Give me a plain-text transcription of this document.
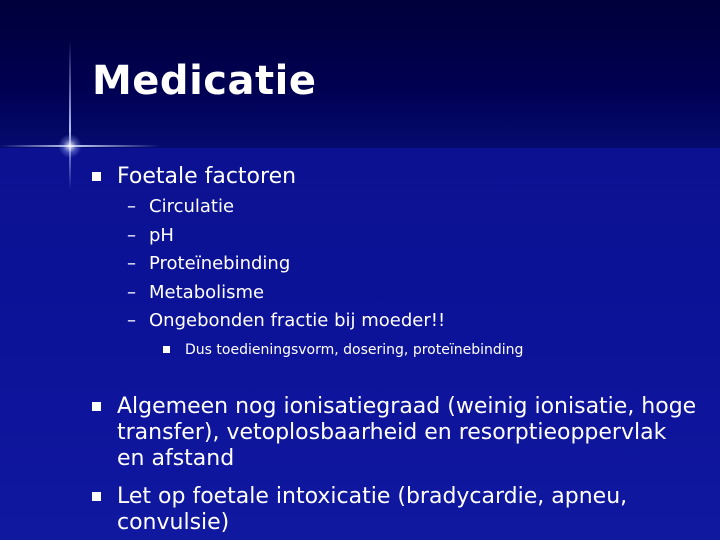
Medicatie
Foetale factoren
– Circulatie
– pH
– Proteïnebinding
– Metabolisme
– Ongebonden fractie bij moeder!!
Dus toedieningsvorm, dosering, proteïnebinding
Algemeen nog ionisatiegraad (weinig ionisatie, hoge transfer), vetoplosbaarheid en resorptieoppervlak en afstand
Let op foetale intoxicatie (bradycardie, apneu, convulsie)
